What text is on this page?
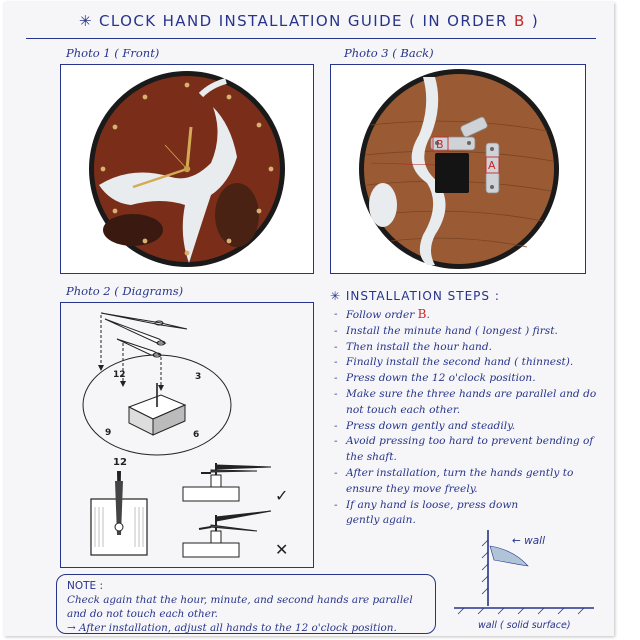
✳ CLOCK HAND INSTALLATION GUIDE ( IN ORDER B )
Photo 1 ( Front)	Photo 3 ( Back)
B
A
Photo 2 ( Diagrams)
12	3
6
9
12
✓
✕
✳ INSTALLATION STEPS :
- Follow order B.
- Install the minute hand ( longest ) first.
- Then install the hour hand.
- Finally install the second hand ( thinnest).
- Press down the 12 o'clock position.
- Make sure the three hands are parallel and do not touch each other.
- Press down gently and steadily.
- Avoid pressing too hard to prevent bending of the shaft.
- After installation, turn the hands gently to ensure they move freely.
- If any hand is loose, press down gently again.
← wall
wall ( solid surface)
NOTE :
Check again that the hour, minute, and second hands are parallel and do not touch each other.
→ After installation, adjust all hands to the 12 o'clock position.
